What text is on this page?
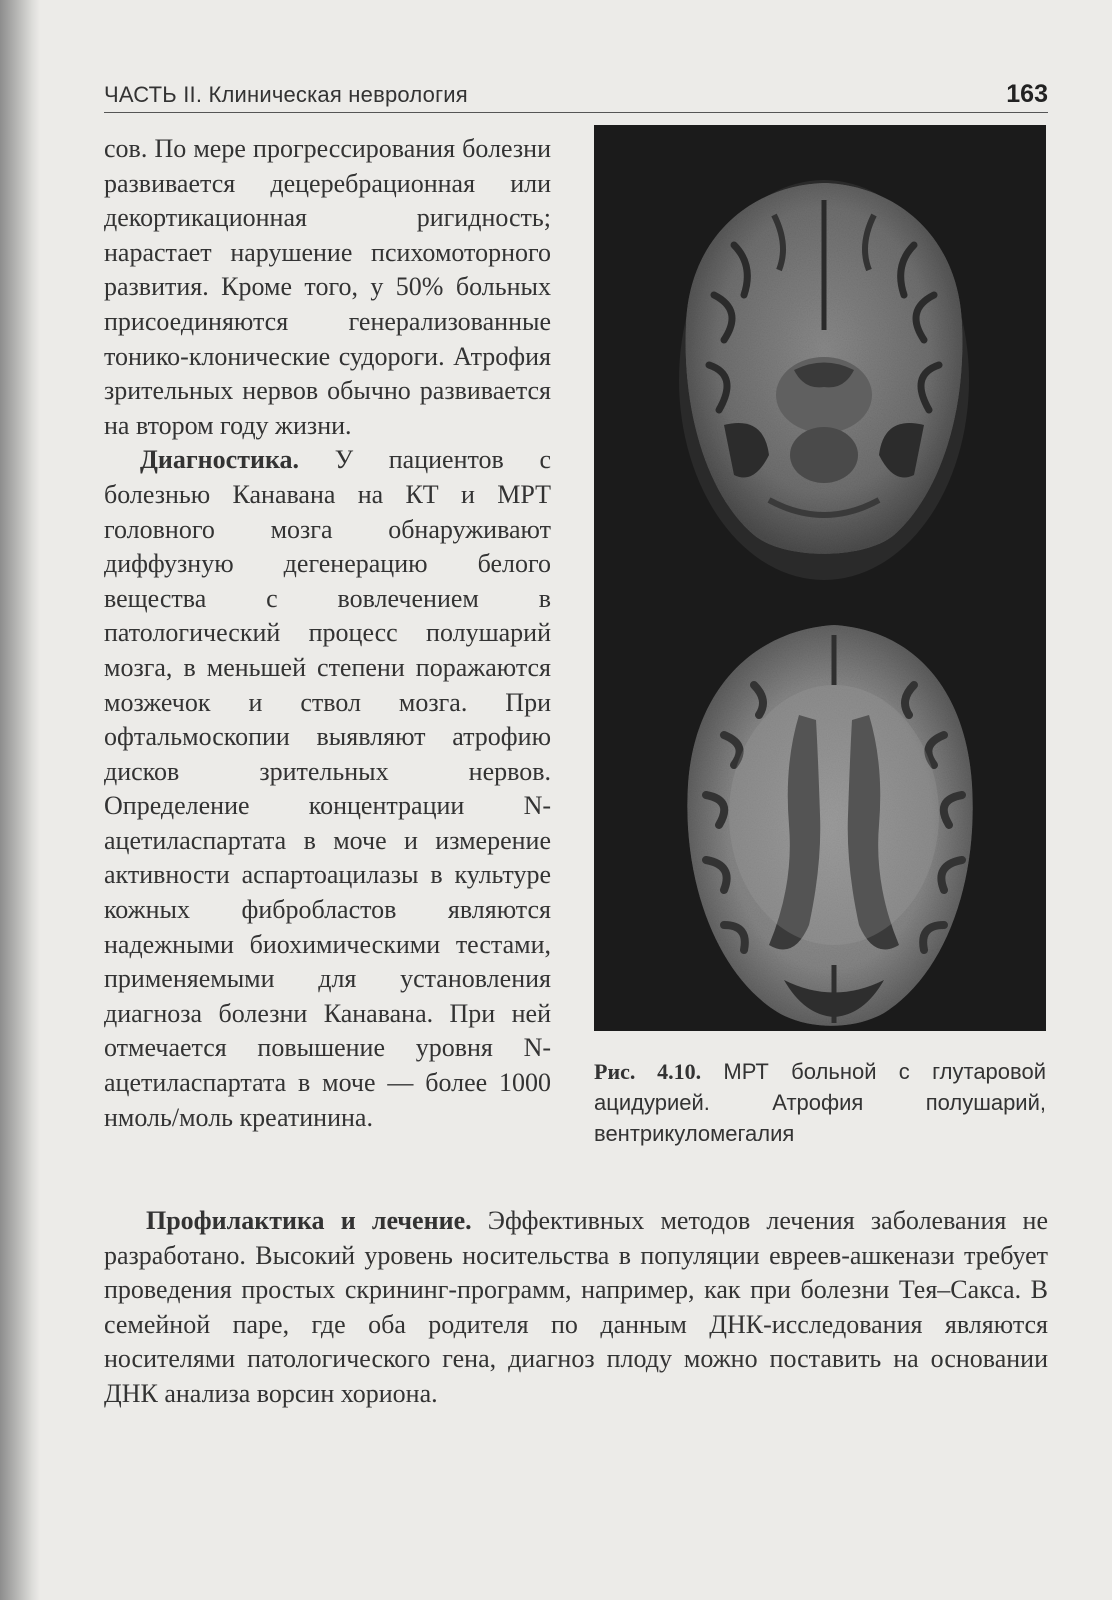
ЧАСТЬ II. Клиническая неврология	163

сов. По мере прогрессирования болезни развивается децеребрационная или декортикационная ригидность; нарастает нарушение психомоторного развития. Кроме того, у 50% больных присоединяются генерализованные тонико-клонические судороги. Атрофия зрительных нервов обычно развивается на втором году жизни.

Диагностика. У пациентов с болезнью Канавана на КТ и МРТ головного мозга обнаруживают диффузную дегенерацию белого вещества с вовлечением в патологический процесс полушарий мозга, в меньшей степени поражаются мозжечок и ствол мозга. При офтальмоскопии выявляют атрофию дисков зрительных нервов. Определение концентрации N-ацетиласпартата в моче и измерение активности аспартоацилазы в культуре кожных фибробластов являются надежными биохимическими тестами, применяемыми для установления диагноза болезни Канавана. При ней отмечается повышение уровня N-ацетиласпартата в моче — более 1000 нмоль/моль креатинина.

Рис. 4.10. МРТ больной с глутаровой ацидурией. Атрофия полушарий, вентрикуломегалия

Профилактика и лечение. Эффективных методов лечения заболевания не разработано. Высокий уровень носительства в популяции евреев-ашкенази требует проведения простых скрининг-программ, например, как при болезни Тея–Сакса. В семейной паре, где оба родителя по данным ДНК-исследования являются носителями патологического гена, диагноз плоду можно поставить на основании ДНК анализа ворсин хориона.
